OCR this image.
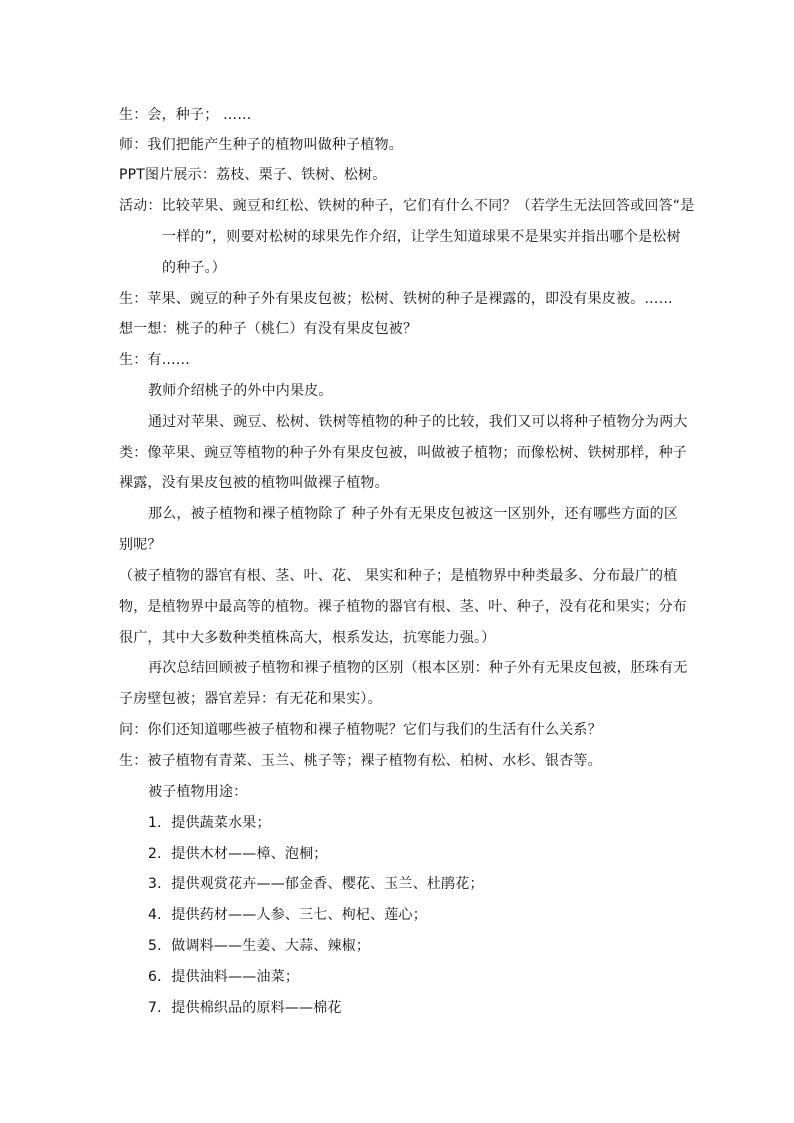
生：会，种子； ……
师：我们把能产生种子的植物叫做种子植物。
PPT图片展示：荔枝、栗子、铁树、松树。
活动：比较苹果、豌豆和红松、铁树的种子，它们有什么不同？（若学生无法回答或回答“是
一样的”，则要对松树的球果先作介绍，让学生知道球果不是果实并指出哪个是松树
的种子。）
生：苹果、豌豆的种子外有果皮包被；松树、铁树的种子是裸露的，即没有果皮被。……
想一想：桃子的种子（桃仁）有没有果皮包被？
生：有……
教师介绍桃子的外中内果皮。
通过对苹果、豌豆、松树、铁树等植物的种子的比较，我们又可以将种子植物分为两大
类：像苹果、豌豆等植物的种子外有果皮包被，叫做被子植物；而像松树、铁树那样，种子
裸露，没有果皮包被的植物叫做裸子植物。
那么，被子植物和裸子植物除了 种子外有无果皮包被这一区别外，还有哪些方面的区
别呢？
（被子植物的器官有根、茎、叶、花、 果实和种子；是植物界中种类最多、分布最广的植
物，是植物界中最高等的植物。裸子植物的器官有根、茎、叶、种子，没有花和果实；分布
很广，其中大多数种类植株高大，根系发达，抗寒能力强。）
再次总结回顾被子植物和裸子植物的区别（根本区别：种子外有无果皮包被，胚珠有无
子房壁包被；器官差异：有无花和果实）。
问：你们还知道哪些被子植物和裸子植物呢？它们与我们的生活有什么关系？
生：被子植物有青菜、玉兰、桃子等；裸子植物有松、柏树、水杉、银杏等。
被子植物用途：
1．提供蔬菜水果；
2．提供木材——樟、泡桐；
3．提供观赏花卉——郁金香、樱花、玉兰、杜鹃花；
4．提供药材——人参、三七、枸杞、莲心；
5．做调料——生姜、大蒜、辣椒；
6．提供油料——油菜；
7．提供棉织品的原料——棉花
